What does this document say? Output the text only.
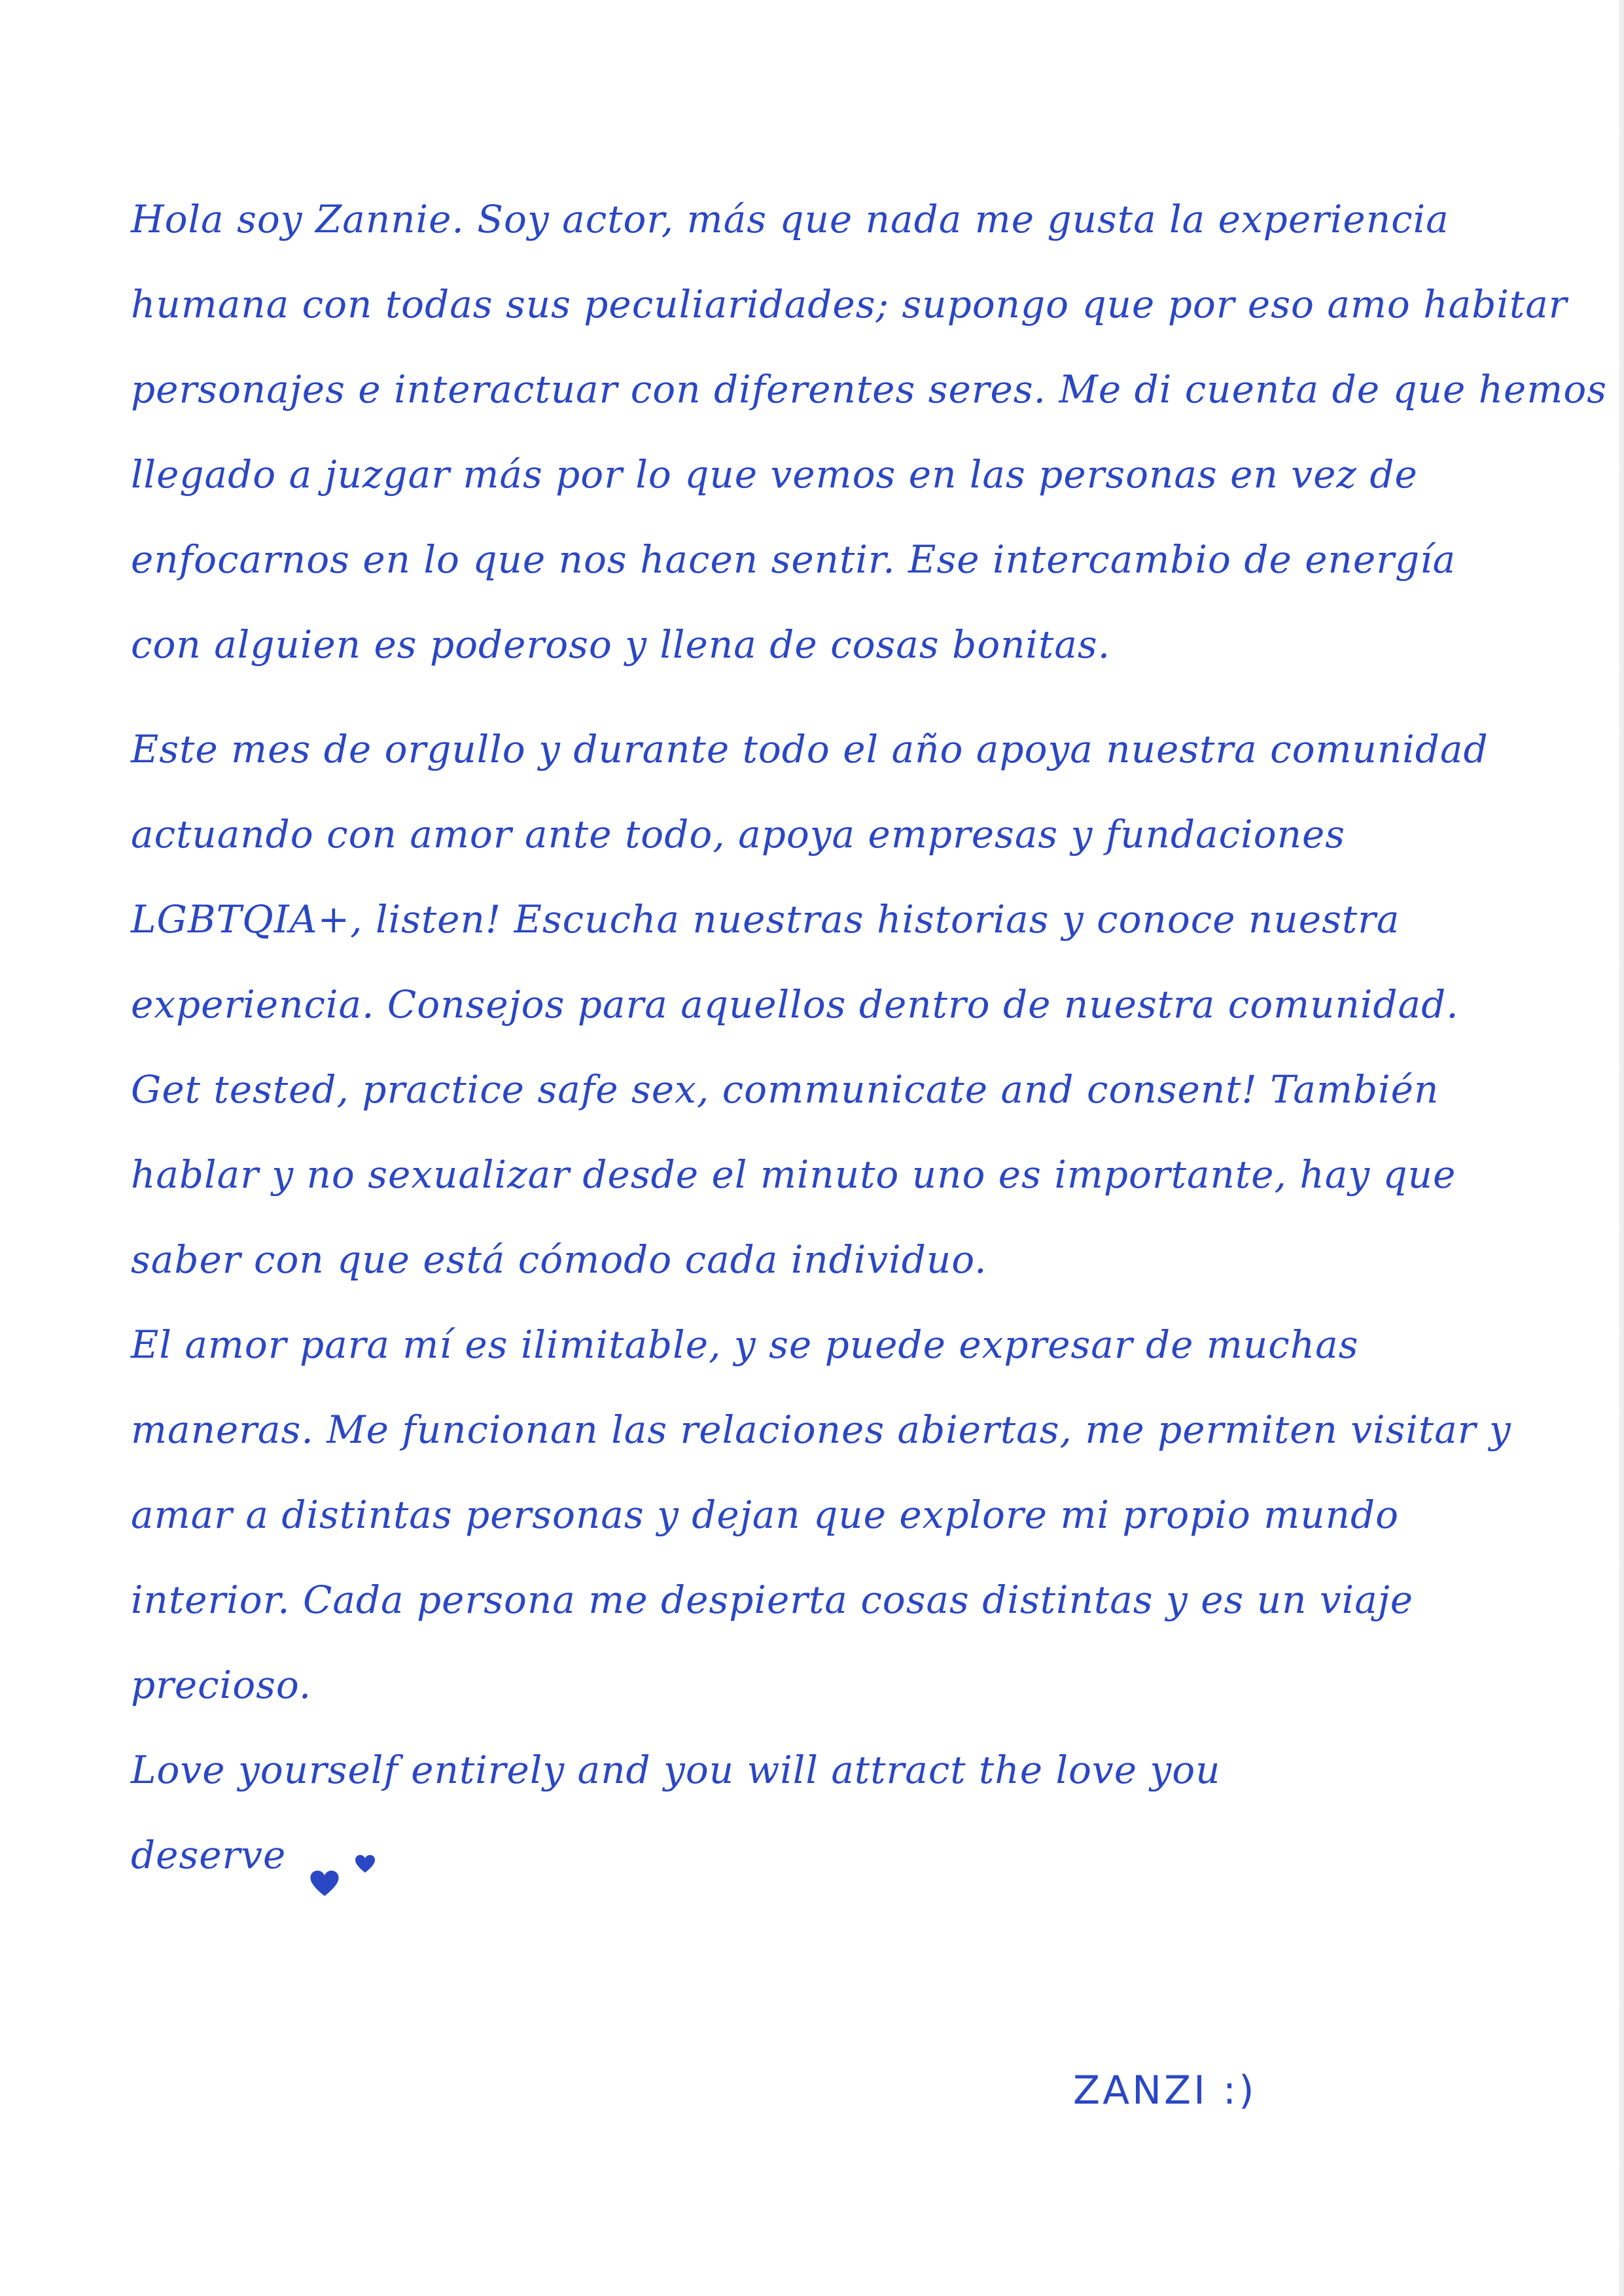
Hola soy Zannie. Soy actor, más que nada me gusta la experiencia
humana con todas sus peculiaridades; supongo que por eso amo habitar
personajes e interactuar con diferentes seres. Me di cuenta de que hemos
llegado a juzgar más por lo que vemos en las personas en vez de
enfocarnos en lo que nos hacen sentir. Ese intercambio de energía
con alguien es poderoso y llena de cosas bonitas.
Este mes de orgullo y durante todo el año apoya nuestra comunidad
actuando con amor ante todo, apoya empresas y fundaciones
LGBTQIA+, listen! Escucha nuestras historias y conoce nuestra
experiencia. Consejos para aquellos dentro de nuestra comunidad.
Get tested, practice safe sex, communicate and consent! También
hablar y no sexualizar desde el minuto uno es importante, hay que
saber con que está cómodo cada individuo.
El amor para mí es ilimitable, y se puede expresar de muchas
maneras. Me funcionan las relaciones abiertas, me permiten visitar y
amar a distintas personas y dejan que explore mi propio mundo
interior. Cada persona me despierta cosas distintas y es un viaje
precioso.
Love yourself entirely and you will attract the love you
deserve
ZANZI :)
